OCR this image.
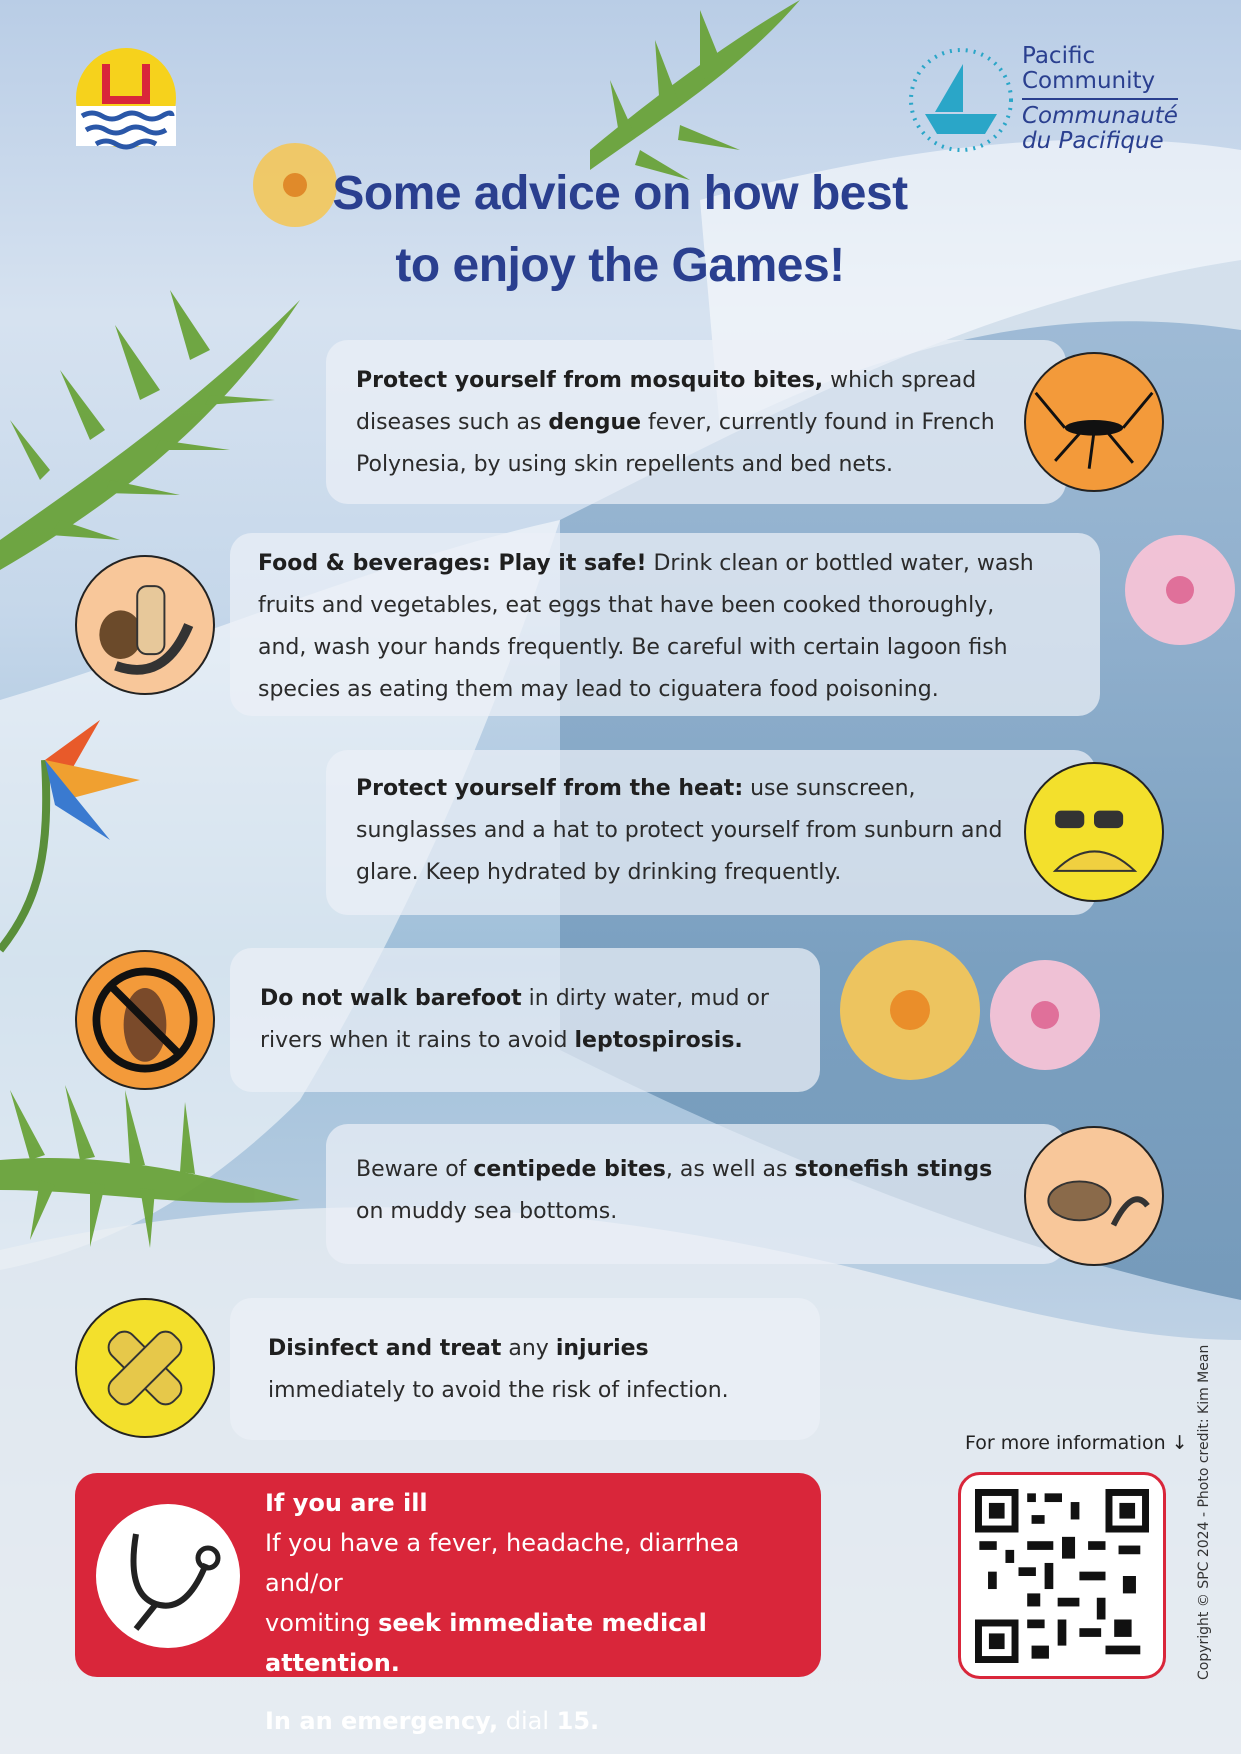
Pacific
Community
Communauté
du Pacifique
Some advice on how best
to enjoy the Games!
Protect yourself from mosquito bites, which spread
diseases such as dengue fever, currently found in French
Polynesia, by using skin repellents and bed nets.
Food & beverages: Play it safe! Drink clean or bottled water, wash
fruits and vegetables, eat eggs that have been cooked thoroughly,
and, wash your hands frequently. Be careful with certain lagoon fish
species as eating them may lead to ciguatera food poisoning.
Protect yourself from the heat: use sunscreen,
sunglasses and a hat to protect yourself from sunburn and
glare. Keep hydrated by drinking frequently.
Do not walk barefoot in dirty water, mud or
rivers when it rains to avoid leptospirosis.
Beware of centipede bites, as well as stonefish stings
on muddy sea bottoms.
Disinfect and treat any injuries
immediately to avoid the risk of infection.
If you are ill
If you have a fever, headache, diarrhea and/or
vomiting seek immediate medical attention.
In an emergency, dial 15.
For more information ↓ Copyright © SPC 2024 - Photo credit: Kim Mean
